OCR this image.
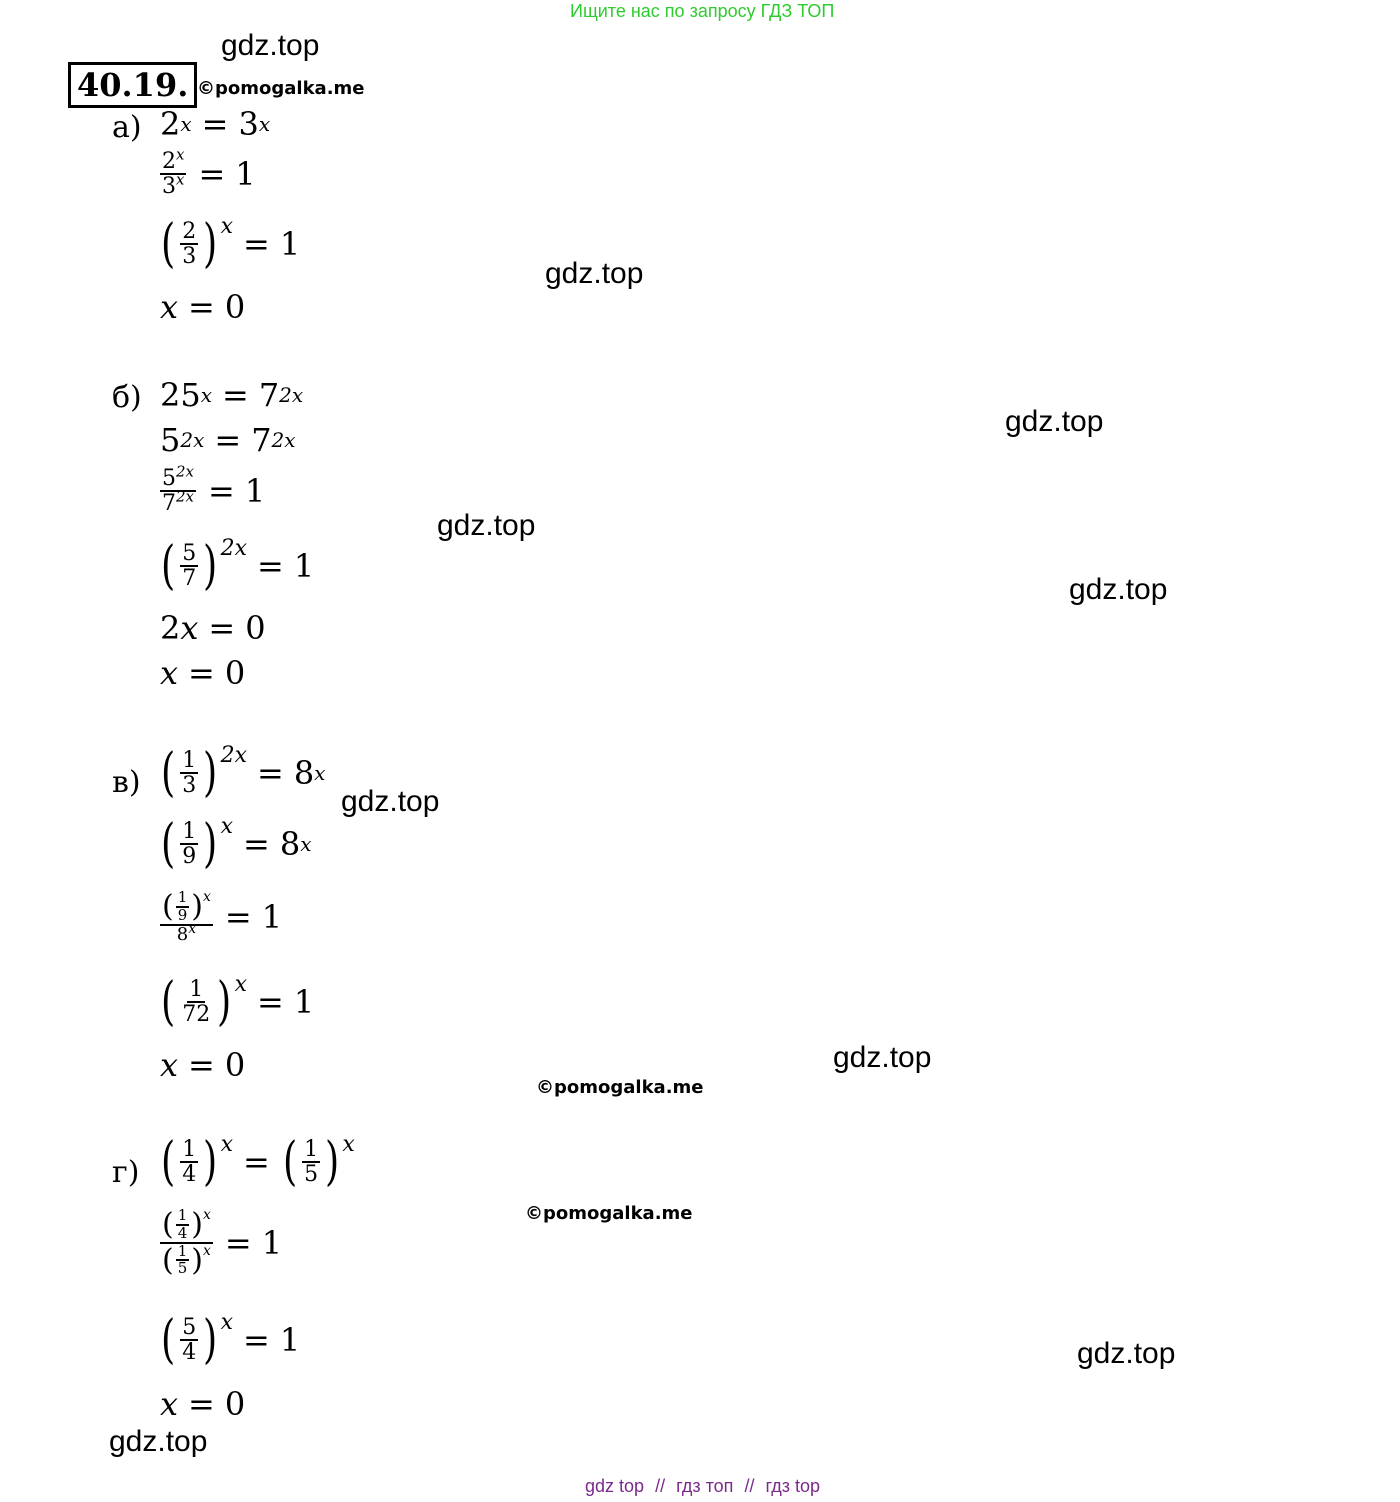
Ищите нас по запросу ГДЗ ТОП
gdz.top
gdz.top
gdz.top
gdz.top
gdz.top
gdz.top
gdz.top
gdz.top
gdz.top
©pomogalka.me
©pomogalka.me
©pomogalka.me
40.19.
а) 2 x = 3 x
$\frac{2^x}{3^x} = 1$
( $\frac{2}{3}$ ) x = 1
x = 0
б) 25 x = 7 2x
5 2x = 7 2x
$\frac{5^{2x}}{7^{2x}} = 1$
( $\frac{5}{7}$ ) 2x = 1
2 x = 0
x = 0
в) ( $\frac{1}{3}$ ) 2x = 8 x
( $\frac{1}{9}$ ) x = 8 x
$\frac{( \frac{1}{9} ) x}{8^x} = 1$
( $\frac{1}{72}$ ) x = 1
x = 0
г) ( $\frac{1}{4}$ ) x = ( $\frac{1}{5}$ ) x
$\frac{( \frac{1}{4} ) x}{( \frac{1}{5} ) x} = 1$
( $\frac{5}{4}$ ) x = 1
x = 0
gdz top // гдз топ // гдз top
